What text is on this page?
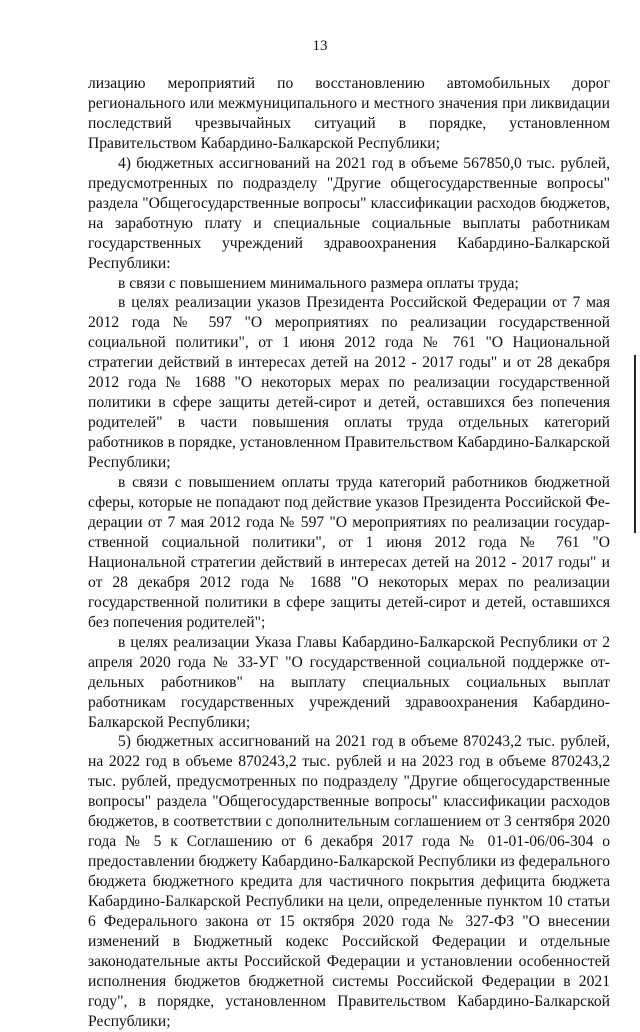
13

лизацию мероприятий по восстановлению автомобильных дорог регионального или межмуниципального и местного значения при ликвидации последствий чрезвычайных ситуаций в порядке, установленном Правительством Кабардино-Балкарской Республики;

4) бюджетных ассигнований на 2021 год в объеме 567850,0 тыс. рублей, предусмотренных по подразделу "Другие общегосударственные вопросы" раздела "Общегосударственные вопросы" классификации расходов бюджетов, на заработную плату и специальные социальные выплаты работникам государственных учреждений здравоохранения Кабардино-Балкарской Республики:

в связи с повышением минимального размера оплаты труда;

в целях реализации указов Президента Российской Федерации от 7 мая 2012 года № 597 "О мероприятиях по реализации государственной социальной политики", от 1 июня 2012 года № 761 "О Национальной стратегии действий в интересах детей на 2012 - 2017 годы" и от 28 декабря 2012 года № 1688 "О некоторых мерах по реализации государственной политики в сфере защиты детей-сирот и детей, оставшихся без попечения родителей" в части повышения оплаты труда отдельных категорий работников в порядке, установленном Правительством Кабардино-Балкарской Республики;

в связи с повышением оплаты труда категорий работников бюджетной сферы, которые не попадают под действие указов Президента Российской Федерации от 7 мая 2012 года № 597 "О мероприятиях по реализации государственной социальной политики", от 1 июня 2012 года № 761 "О Национальной стратегии действий в интересах детей на 2012 - 2017 годы" и от 28 декабря 2012 года № 1688 "О некоторых мерах по реализации государственной политики в сфере защиты детей-сирот и детей, оставшихся без попечения родителей";

в целях реализации Указа Главы Кабардино-Балкарской Республики от 2 апреля 2020 года № 33-УГ "О государственной социальной поддержке отдельных работников" на выплату специальных социальных выплат работникам государственных учреждений здравоохранения Кабардино-Балкарской Республики;

5) бюджетных ассигнований на 2021 год в объеме 870243,2 тыс. рублей, на 2022 год в объеме 870243,2 тыс. рублей и на 2023 год в объеме 870243,2 тыс. рублей, предусмотренных по подразделу "Другие общегосударственные вопросы" раздела "Общегосударственные вопросы" классификации расходов бюджетов, в соответствии с дополнительным соглашением от 3 сентября 2020 года № 5 к Соглашению от 6 декабря 2017 года № 01-01-06/06-304 о предоставлении бюджету Кабардино-Балкарской Республики из федерального бюджета бюджетного кредита для частичного покрытия дефицита бюджета Кабардино-Балкарской Республики на цели, определенные пунктом 10 статьи 6 Федерального закона от 15 октября 2020 года № 327-ФЗ "О внесении изменений в Бюджетный кодекс Российской Федерации и отдельные законодательные акты Российской Федерации и установлении особенностей исполнения бюджетов бюджетной системы Российской Федерации в 2021 году", в порядке, установленном Правительством Кабардино-Балкарской Республики;
